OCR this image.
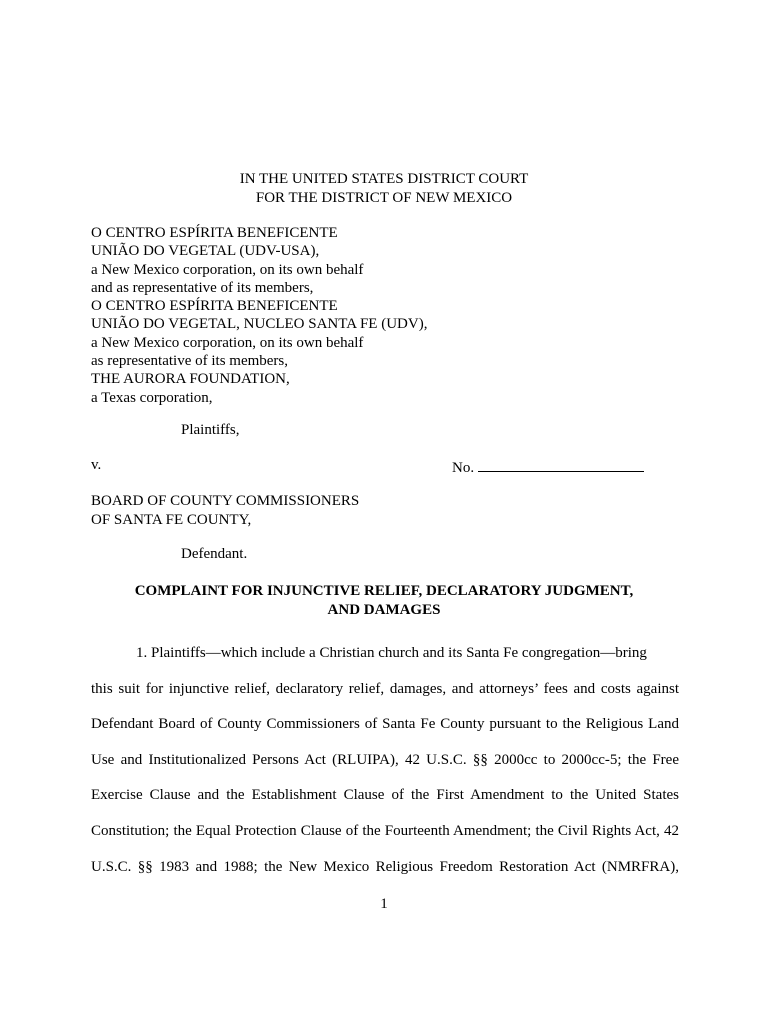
IN THE UNITED STATES DISTRICT COURT
FOR THE DISTRICT OF NEW MEXICO
O CENTRO ESPÍRITA BENEFICENTE
UNIÃO DO VEGETAL (UDV-USA),
a New Mexico corporation, on its own behalf
and as representative of its members,
O CENTRO ESPÍRITA BENEFICENTE
UNIÃO DO VEGETAL, NUCLEO SANTA FE (UDV),
a New Mexico corporation, on its own behalf
as representative of its members,
THE AURORA FOUNDATION,
a Texas corporation,
Plaintiffs,
v.	No.
BOARD OF COUNTY COMMISSIONERS
OF SANTA FE COUNTY,
Defendant.
COMPLAINT FOR INJUNCTIVE RELIEF, DECLARATORY JUDGMENT,
AND DAMAGES
1. Plaintiffs—which include a Christian church and its Santa Fe congregation—bring
this suit for injunctive relief, declaratory relief, damages, and attorneys’ fees and costs against
Defendant Board of County Commissioners of Santa Fe County pursuant to the Religious Land
Use and Institutionalized Persons Act (RLUIPA), 42 U.S.C. §§ 2000cc to 2000cc-5; the Free
Exercise Clause and the Establishment Clause of the First Amendment to the United States
Constitution; the Equal Protection Clause of the Fourteenth Amendment; the Civil Rights Act, 42
U.S.C. §§ 1983 and 1988; the New Mexico Religious Freedom Restoration Act (NMRFRA),
1
